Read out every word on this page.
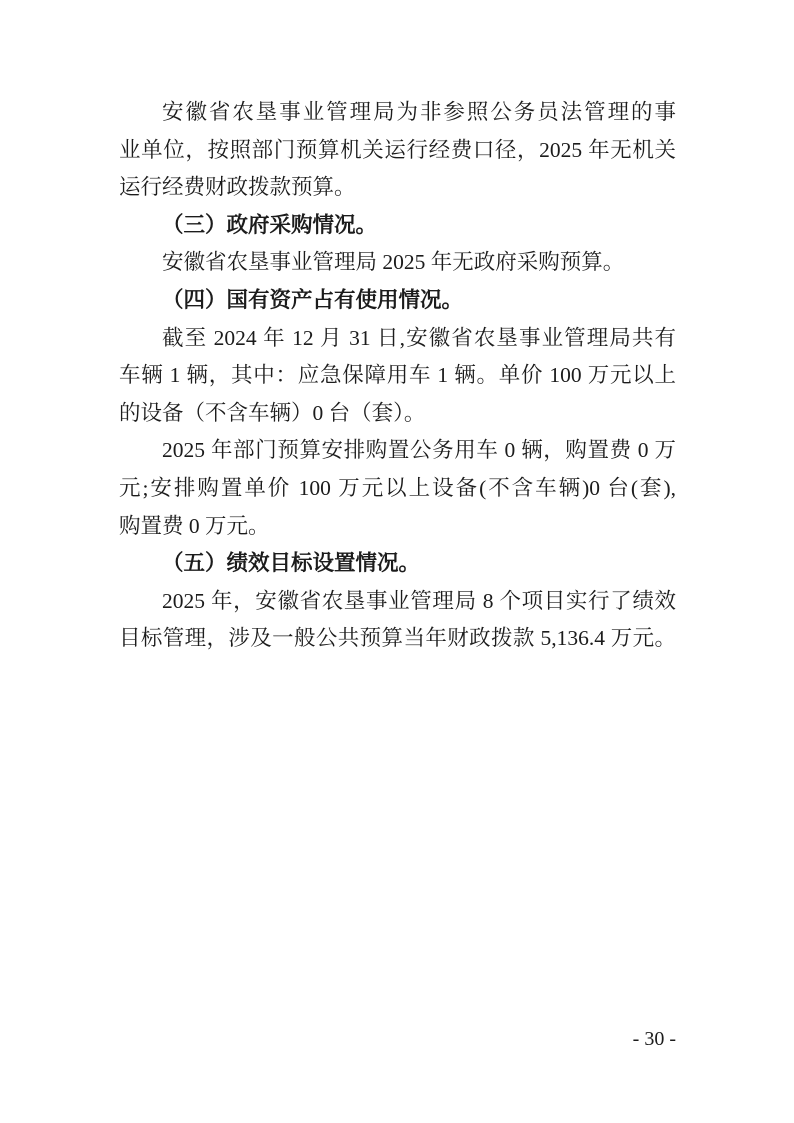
安徽省农垦事业管理局为非参照公务员法管理的事
业单位，按照部门预算机关运行经费口径，2025 年无机关
运行经费财政拨款预算。
（三）政府采购情况。
安徽省农垦事业管理局 2025 年无政府采购预算。
（四）国有资产占有使用情况。
截至 2024 年 12 月 31 日,安徽省农垦事业管理局共有
车辆 1 辆，其中：应急保障用车 1 辆。单价 100 万元以上
的设备（不含车辆）0 台（套）。
2025 年部门预算安排购置公务用车 0 辆，购置费 0 万
元;安排购置单价 100 万元以上设备(不含车辆)0 台(套),
购置费 0 万元。
（五）绩效目标设置情况。
2025 年，安徽省农垦事业管理局 8 个项目实行了绩效
目标管理，涉及一般公共预算当年财政拨款 5,136.4 万元。
- 30 -
